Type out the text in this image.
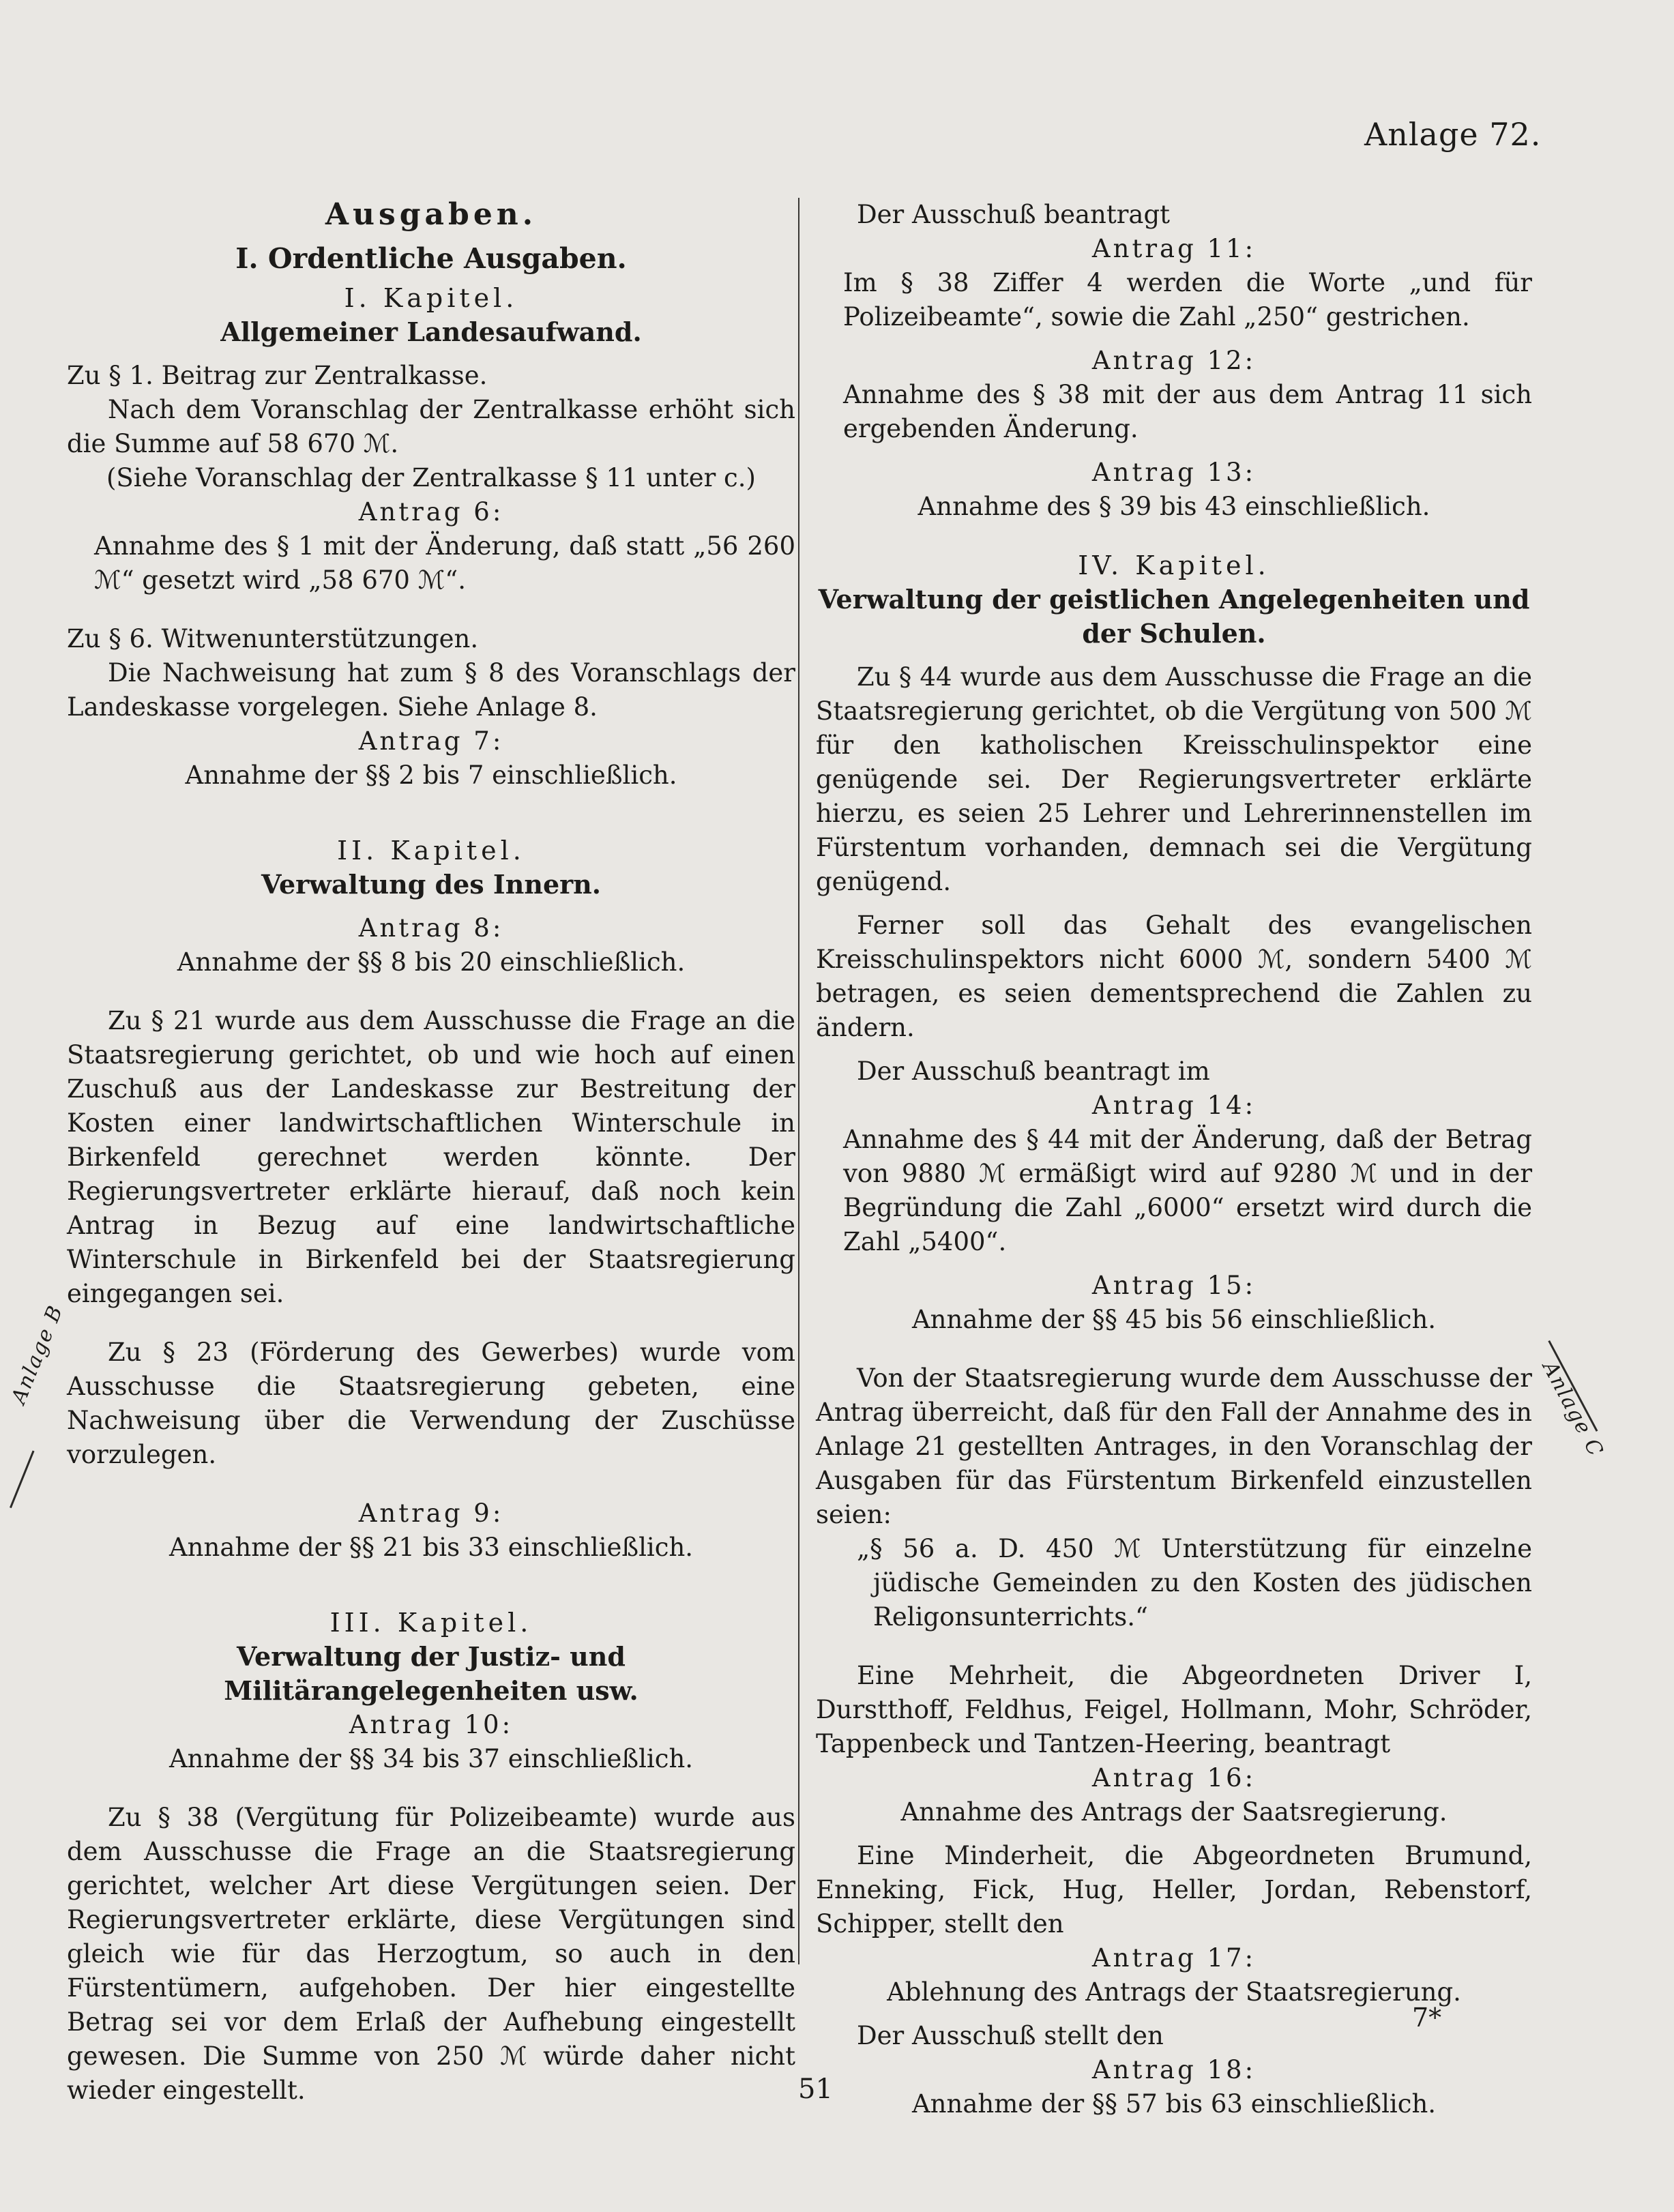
Anlage 72.

Ausgaben.

I. Ordentliche Ausgaben.

I. Kapitel.

Allgemeiner Landesaufwand.

Zu § 1. Beitrag zur Zentralkasse.

Nach dem Voranschlag der Zentralkasse erhöht sich die Summe auf 58 670 ℳ.

(Siehe Voranschlag der Zentralkasse § 11 unter c.)

Antrag 6:

Annahme des § 1 mit der Änderung, daß statt „56 260 ℳ“ gesetzt wird „58 670 ℳ“.

Zu § 6. Witwenunterstützungen.

Die Nachweisung hat zum § 8 des Voranschlags der Landeskasse vorgelegen. Siehe Anlage 8.

Antrag 7:

Annahme der §§ 2 bis 7 einschließlich.

II. Kapitel.

Verwaltung des Innern.

Antrag 8:

Annahme der §§ 8 bis 20 einschließlich.

Zu § 21 wurde aus dem Ausschusse die Frage an die Staatsregierung gerichtet, ob und wie hoch auf einen Zuschuß aus der Landeskasse zur Bestreitung der Kosten einer landwirtschaftlichen Winterschule in Birkenfeld gerechnet werden könnte. Der Regierungsvertreter erklärte hierauf, daß noch kein Antrag in Bezug auf eine landwirtschaftliche Winterschule in Birkenfeld bei der Staatsregierung eingegangen sei.

Zu § 23 (Förderung des Gewerbes) wurde vom Ausschusse die Staatsregierung gebeten, eine Nachweisung über die Verwendung der Zuschüsse vorzulegen.

Antrag 9:

Annahme der §§ 21 bis 33 einschließlich.

III. Kapitel.

Verwaltung der Justiz- und Militärangelegenheiten usw.

Antrag 10:

Annahme der §§ 34 bis 37 einschließlich.

Zu § 38 (Vergütung für Polizeibeamte) wurde aus dem Ausschusse die Frage an die Staatsregierung gerichtet, welcher Art diese Vergütungen seien. Der Regierungsvertreter erklärte, diese Vergütungen sind gleich wie für das Herzogtum, so auch in den Fürstentümern, aufgehoben. Der hier eingestellte Betrag sei vor dem Erlaß der Aufhebung eingestellt gewesen. Die Summe von 250 ℳ würde daher nicht wieder eingestellt.

Der Ausschuß beantragt

Antrag 11:

Im § 38 Ziffer 4 werden die Worte „und für Polizeibeamte“, sowie die Zahl „250“ gestrichen.

Antrag 12:

Annahme des § 38 mit der aus dem Antrag 11 sich ergebenden Änderung.

Antrag 13:

Annahme des § 39 bis 43 einschließlich.

IV. Kapitel.

Verwaltung der geistlichen Angelegenheiten und der Schulen.

Zu § 44 wurde aus dem Ausschusse die Frage an die Staatsregierung gerichtet, ob die Vergütung von 500 ℳ für den katholischen Kreisschulinspektor eine genügende sei. Der Regierungsvertreter erklärte hierzu, es seien 25 Lehrer und Lehrerinnenstellen im Fürstentum vorhanden, demnach sei die Vergütung genügend.

Ferner soll das Gehalt des evangelischen Kreisschulinspektors nicht 6000 ℳ, sondern 5400 ℳ betragen, es seien dementsprechend die Zahlen zu ändern.

Der Ausschuß beantragt im

Antrag 14:

Annahme des § 44 mit der Änderung, daß der Betrag von 9880 ℳ ermäßigt wird auf 9280 ℳ und in der Begründung die Zahl „6000“ ersetzt wird durch die Zahl „5400“.

Antrag 15:

Annahme der §§ 45 bis 56 einschließlich.

Von der Staatsregierung wurde dem Ausschusse der Antrag überreicht, daß für den Fall der Annahme des in Anlage 21 gestellten Antrages, in den Voranschlag der Ausgaben für das Fürstentum Birkenfeld einzustellen seien:

„§ 56 a. D. 450 ℳ Unterstützung für einzelne jüdische Gemeinden zu den Kosten des jüdischen Religonsunterrichts.“

Eine Mehrheit, die Abgeordneten Driver I, Durstthoff, Feldhus, Feigel, Hollmann, Mohr, Schröder, Tappenbeck und Tantzen-Heering, beantragt

Antrag 16:

Annahme des Antrags der Saatsregierung.

Eine Minderheit, die Abgeordneten Brumund, Enneking, Fick, Hug, Heller, Jordan, Rebenstorf, Schipper, stellt den

Antrag 17:

Ablehnung des Antrags der Staatsregierung.

Der Ausschuß stellt den

Antrag 18:

Annahme der §§ 57 bis 63 einschließlich.

Anlage B
Anlage C
7*
51
